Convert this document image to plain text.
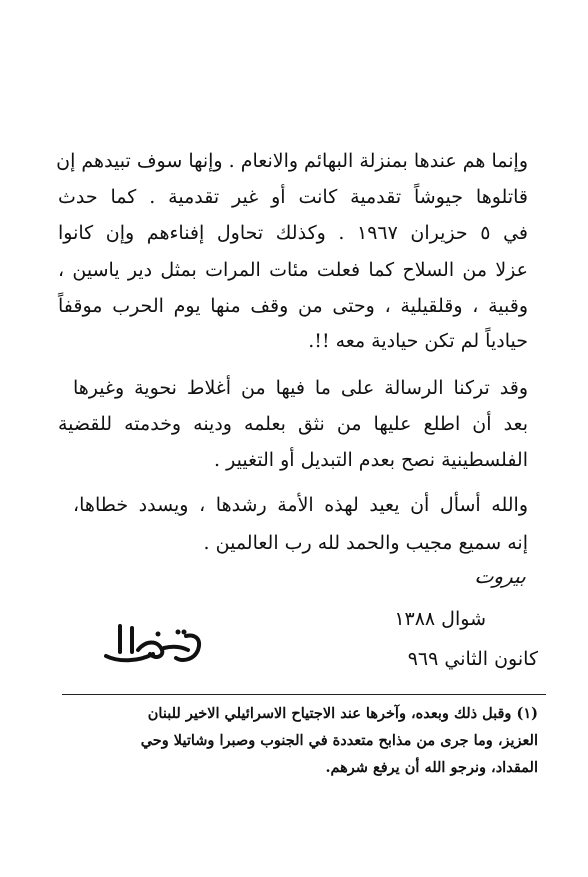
وإنما هم عندها بمنزلة البهائم والانعام . وإنها سوف تبيدهم إن
قاتلوها جيوشاً تقدمية كانت أو غير تقدمية . كما حدث
في ٥ حزيران ١٩٦٧ . وكذلك تحاول إفناءهم وإن كانوا
عزلا من السلاح كما فعلت مئات المرات بمثل دير ياسين ،
وقبية ، وقلقيلية ، وحتى من وقف منها يوم الحرب موقفاً
حيادياً لم تكن حيادية معه !!.
وقد تركنا الرسالة على ما فيها من أغلاط نحوية وغيرها
بعد أن اطلع عليها من نثق بعلمه ودينه وخدمته للقضية
الفلسطينية نصح بعدم التبديل أو التغيير .
والله أسأل أن يعيد لهذه الأمة رشدها ، ويسدد خطاها،
إنه سميع مجيب والحمد لله رب العالمين .
بيروت
شوال ١٣٨٨
كانون الثاني ٩٦٩
(١) وقبل ذلك وبعده، وآخرها عند الاجتياح الاسرائيلي الاخير للبنان
العزيز، وما جرى من مذابح متعددة في الجنوب وصبرا وشاتيلا وحي
المقداد، ونرجو الله أن يرفع شرهم.
